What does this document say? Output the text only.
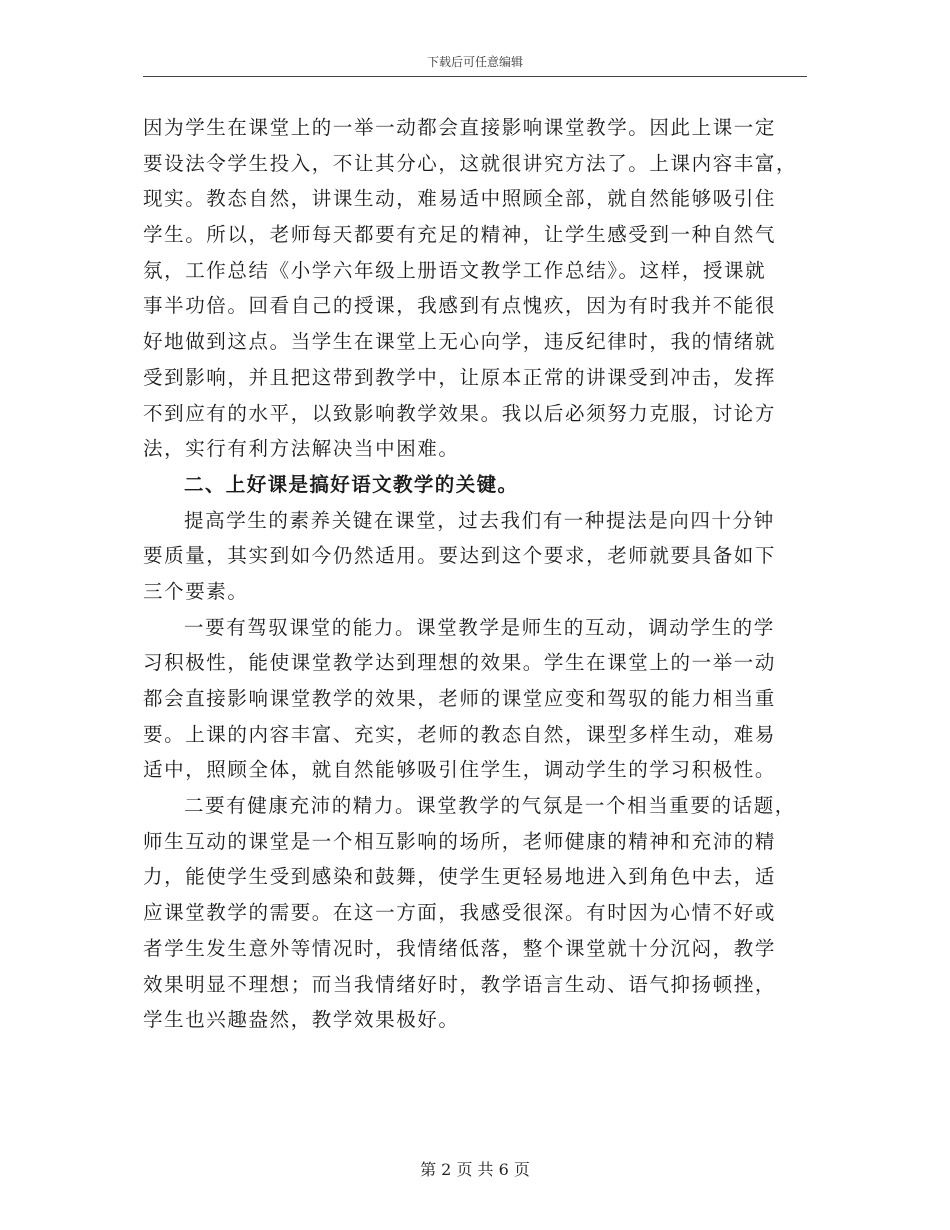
下载后可任意编辑
因为学生在课堂上的一举一动都会直接影响课堂教学。因此上课一定
要设法令学生投入，不让其分心，这就很讲究方法了。上课内容丰富，
现实。教态自然，讲课生动，难易适中照顾全部，就自然能够吸引住
学生。所以，老师每天都要有充足的精神，让学生感受到一种自然气
氛，工作总结《小学六年级上册语文教学工作总结》。这样，授课就
事半功倍。回看自己的授课，我感到有点愧疚，因为有时我并不能很
好地做到这点。当学生在课堂上无心向学，违反纪律时，我的情绪就
受到影响，并且把这带到教学中，让原本正常的讲课受到冲击，发挥
不到应有的水平，以致影响教学效果。我以后必须努力克服，讨论方
法，实行有利方法解决当中困难。
二、上好课是搞好语文教学的关键。
提高学生的素养关键在课堂，过去我们有一种提法是向四十分钟
要质量，其实到如今仍然适用。要达到这个要求，老师就要具备如下
三个要素。
一要有驾驭课堂的能力。课堂教学是师生的互动，调动学生的学
习积极性，能使课堂教学达到理想的效果。学生在课堂上的一举一动
都会直接影响课堂教学的效果，老师的课堂应变和驾驭的能力相当重
要。上课的内容丰富、充实，老师的教态自然，课型多样生动，难易
适中，照顾全体，就自然能够吸引住学生，调动学生的学习积极性。
二要有健康充沛的精力。课堂教学的气氛是一个相当重要的话题，
师生互动的课堂是一个相互影响的场所，老师健康的精神和充沛的精
力，能使学生受到感染和鼓舞，使学生更轻易地进入到角色中去，适
应课堂教学的需要。在这一方面，我感受很深。有时因为心情不好或
者学生发生意外等情况时，我情绪低落，整个课堂就十分沉闷，教学
效果明显不理想；而当我情绪好时，教学语言生动、语气抑扬顿挫，
学生也兴趣盎然，教学效果极好。
第 2 页 共 6 页
